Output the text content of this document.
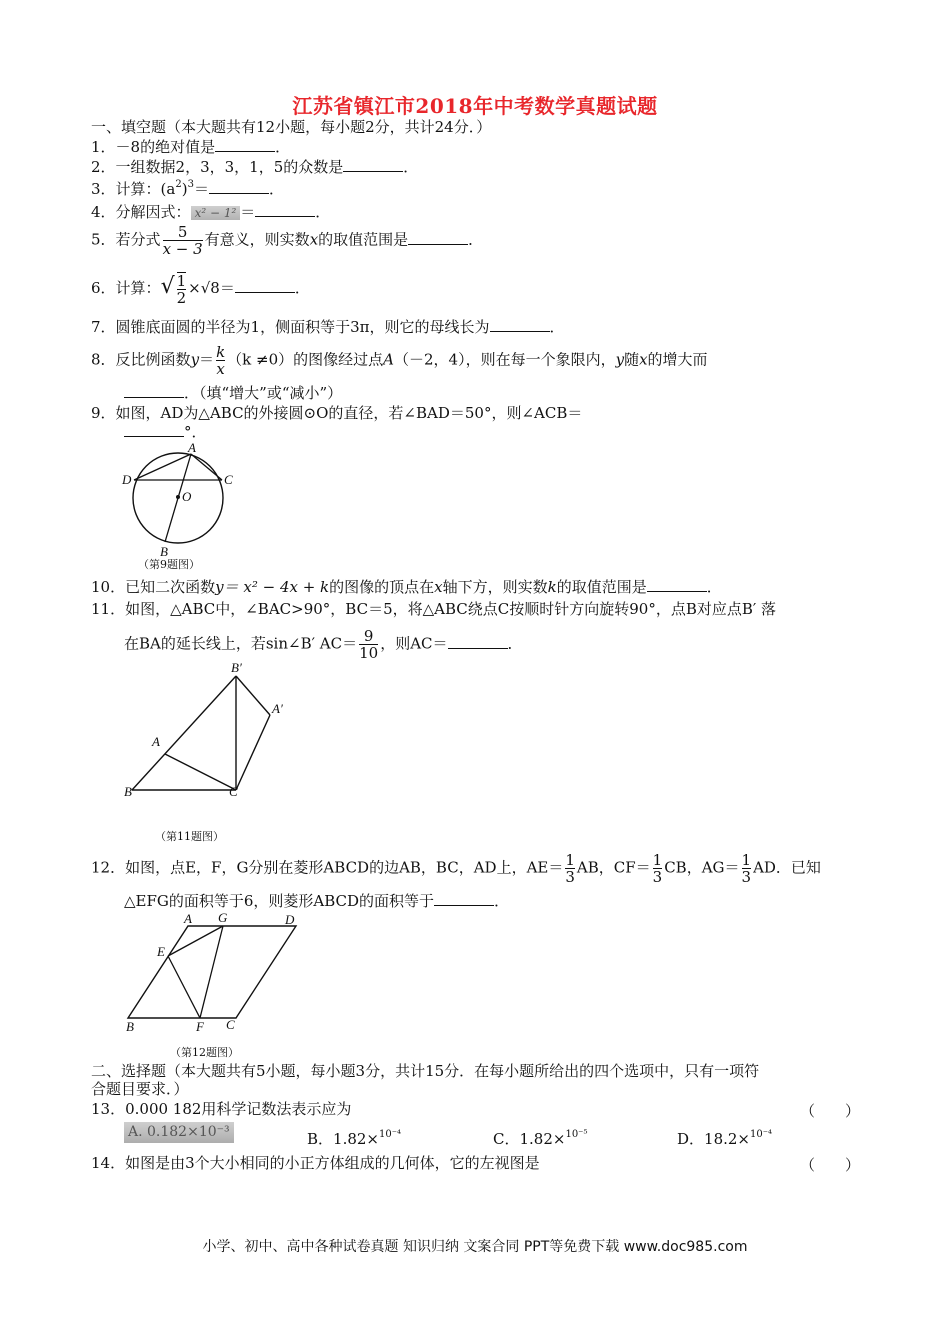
江苏省镇江市2018年中考数学真题试题
一、填空题（本大题共有12小题，每小题2分，共计24分．）
1．－8的绝对值是	．
2．一组数据2，3，3，1，5的众数是	．
3．计算：$(a^2)^3=$	．
4．分解因式： x² − 1² ＝	．
5．若分式 $\frac{5}{x - 3}$ 有意义，则实数x的取值范围是	．
6．计算：√ $\frac{1}{2} \times√8=$	．
7．圆锥底面圆的半径为1，侧面积等于3π，则它的母线长为	．
8．反比例函数$y= \frac{k}{x} (k \ne 0)$的图像经过点A（－2，4），则在每一个象限内，y随x的增大而
．（填“增大”或“减小”）
9．如图，AD为△ABC的外接圆⊙O的直径，若∠BAD＝50°，则∠ACB＝
°．
A
C
D
O
B
（第9题图）
10．已知二次函数y＝ x² − 4x + k的图像的顶点在x轴下方，则实数k的取值范围是	．
11．如图，△ABC中，∠BAC>90°，BC＝5，将△ABC绕点C按顺时针方向旋转90°，点B对应点B′ 落
在BA的延长线上，若sin∠B′ $AC= \frac{9}{10}$ ，则AC＝	．
B′
A′
A
B	C
（第11题图）
12．如图，点E，F，G分别在菱形ABCD的边AB，BC，AD上，$AE= \frac{1}{3}$ AB，$CF= \frac{1}{3}$ CB，$AG= \frac{1}{3}$ AD．已知
△EFG的面积等于6，则菱形ABCD的面积等于	．
A G	D
E
B	F C
（第12题图）
二、选择题（本大题共有5小题，每小题3分，共计15分．在每小题所给出的四个选项中，只有一项符
合题目要求．）
13．0.000 182用科学记数法表示应为	（　　）
A. 0.182×10⁻³	B．1.82×$^{10^{-4}}$	C．1.82×$^{10^{-5}}$	D．18.2×$^{10^{-4}}$
14．如图是由3个大小相同的小正方体组成的几何体，它的左视图是	（　　）
小学、初中、高中各种试卷真题 知识归纳 文案合同 PPT等免费下载 www.doc985.com
